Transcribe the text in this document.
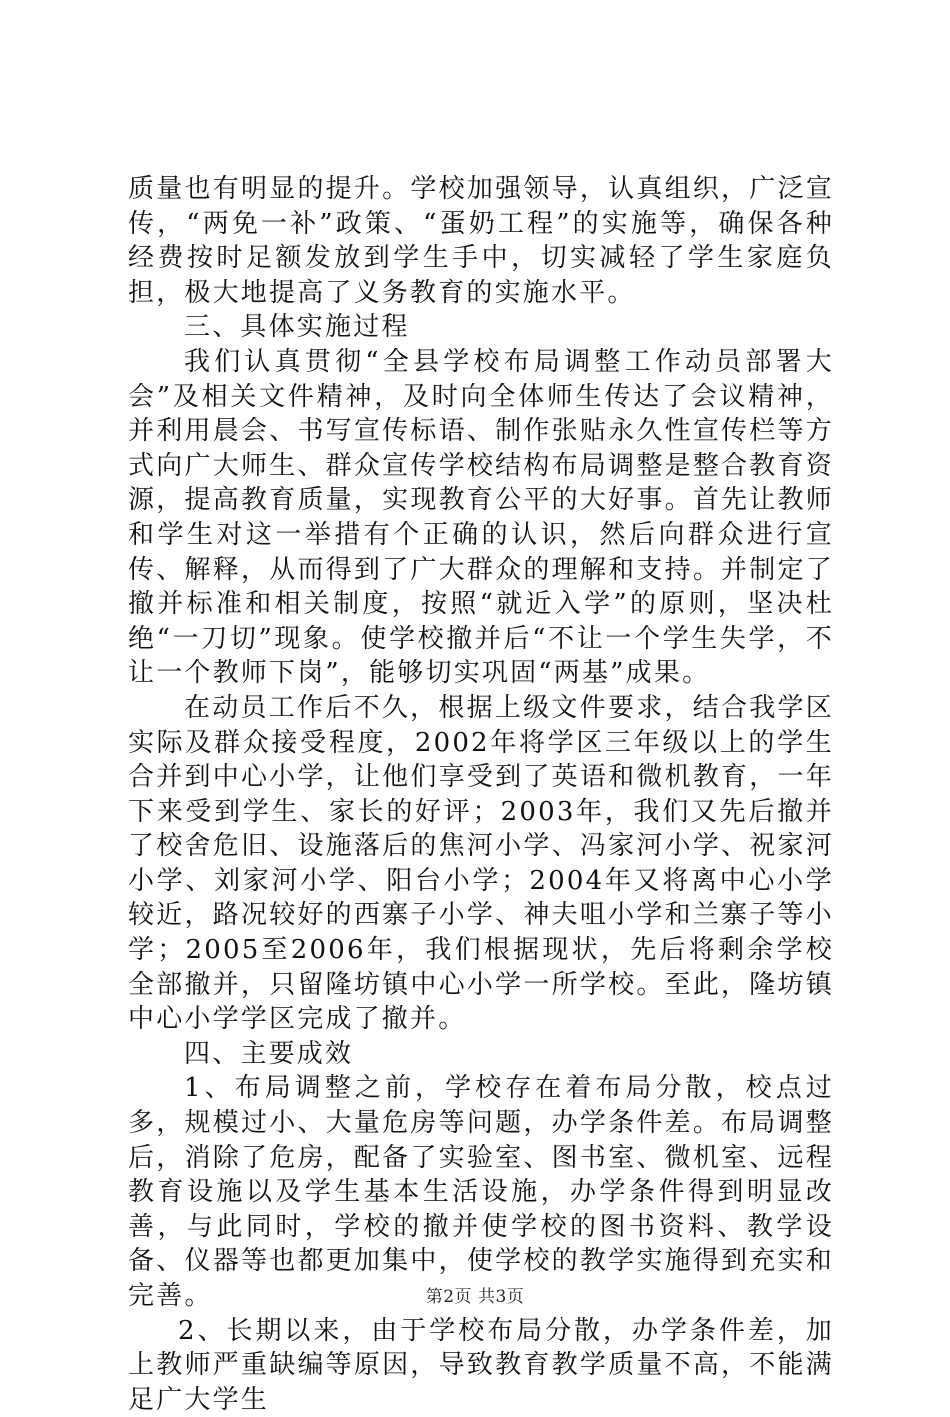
质量也有明显的提升。学校加强领导，认真组织，广泛宣传，“两免一补”政策、“蛋奶工程”的实施等，确保各种经费按时足额发放到学生手中，切实减轻了学生家庭负担，极大地提高了义务教育的实施水平。

三、具体实施过程

我们认真贯彻“全县学校布局调整工作动员部署大会”及相关文件精神，及时向全体师生传达了会议精神，并利用晨会、书写宣传标语、制作张贴永久性宣传栏等方式向广大师生、群众宣传学校结构布局调整是整合教育资源，提高教育质量，实现教育公平的大好事。首先让教师和学生对这一举措有个正确的认识，然后向群众进行宣传、解释，从而得到了广大群众的理解和支持。并制定了撤并标准和相关制度，按照“就近入学”的原则，坚决杜绝“一刀切”现象。使学校撤并后“不让一个学生失学，不让一个教师下岗”，能够切实巩固“两基”成果。

在动员工作后不久，根据上级文件要求，结合我学区实际及群众接受程度，2002年将学区三年级以上的学生合并到中心小学，让他们享受到了英语和微机教育，一年下来受到学生、家长的好评；2003年，我们又先后撤并了校舍危旧、设施落后的焦河小学、冯家河小学、祝家河小学、刘家河小学、阳台小学；2004年又将离中心小学较近，路况较好的西寨子小学、神夫咀小学和兰寨子等小学；2005至2006年，我们根据现状，先后将剩余学校全部撤并，只留隆坊镇中心小学一所学校。至此，隆坊镇中心小学学区完成了撤并。

四、主要成效

1、布局调整之前，学校存在着布局分散，校点过多，规模过小、大量危房等问题，办学条件差。布局调整后，消除了危房，配备了实验室、图书室、微机室、远程教育设施以及学生基本生活设施，办学条件得到明显改善，与此同时，学校的撤并使学校的图书资料、教学设备、仪器等也都更加集中，使学校的教学实施得到充实和完善。

2、长期以来，由于学校布局分散，办学条件差，加上教师严重缺编等原因，导致教育教学质量不高，不能满足广大学生

第2页 共3页
